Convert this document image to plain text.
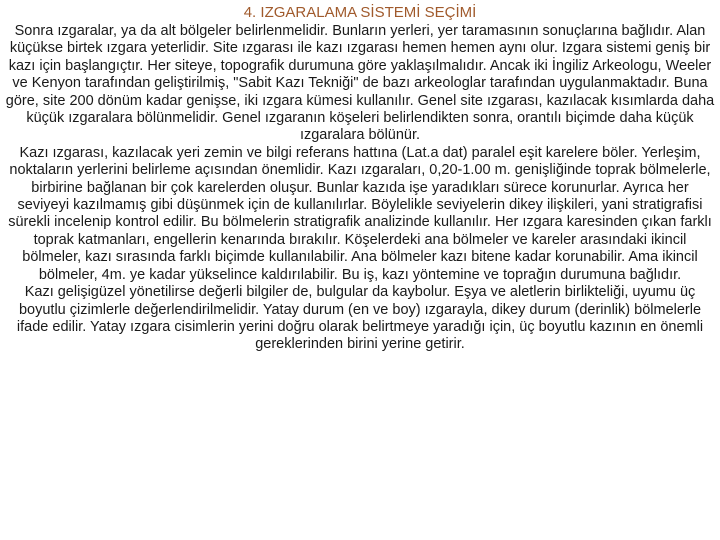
4. IZGARALAMA SİSTEMİ SEÇİMİ

Sonra ızgaralar, ya da alt bölgeler belirlenmelidir. Bunların yerleri, yer taramasının sonuçlarına bağlıdır. Alan küçükse birtek ızgara yeterlidir. Site ızgarası ile kazı ızgarası hemen hemen aynı olur. Izgara sistemi geniş bir kazı için başlangıçtır. Her siteye, topografik durumuna göre yaklaşılmalıdır. Ancak iki İngiliz Arkeologu, Weeler ve Kenyon tarafından geliştirilmiş, "Sabit Kazı Tekniği" de bazı arkeologlar tarafından uygulanmaktadır. Buna göre, site 200 dönüm kadar genişse, iki ızgara kümesi kullanılır. Genel site ızgarası, kazılacak kısımlarda daha küçük ızgaralara bölünmelidir. Genel ızgaranın köşeleri belirlendikten sonra, orantılı biçimde daha küçük ızgaralara bölünür.

Kazı ızgarası, kazılacak yeri zemin ve bilgi referans hattına (Lat.a dat) paralel eşit karelere böler. Yerleşim, noktaların yerlerini belirleme açısından önemlidir. Kazı ızgaraları, 0,20-1.00 m. genişliğinde toprak bölmelerle, birbirine bağlanan bir çok karelerden oluşur. Bunlar kazıda işe yaradıkları sürece korunurlar. Ayrıca her seviyeyi kazılmamış gibi düşünmek için de kullanılırlar. Böylelikle seviyelerin dikey ilişkileri, yani stratigrafisi sürekli incelenip kontrol edilir. Bu bölmelerin stratigrafik analizinde kullanılır. Her ızgara karesinden çıkan farklı toprak katmanları, engellerin kenarında bırakılır. Köşelerdeki ana bölmeler ve kareler arasındaki ikincil bölmeler, kazı sırasında farklı biçimde kullanılabilir. Ana bölmeler kazı bitene kadar korunabilir. Ama ikincil bölmeler, 4m. ye kadar yükselince kaldırılabilir. Bu iş, kazı yöntemine ve toprağın durumuna bağlıdır.

Kazı gelişigüzel yönetilirse değerli bilgiler de, bulgular da kaybolur. Eşya ve aletlerin birlikteliği, uyumu üç boyutlu çizimlerle değerlendirilmelidir. Yatay durum (en ve boy) ızgarayla, dikey durum (derinlik) bölmelerle ifade edilir. Yatay ızgara cisimlerin yerini doğru olarak belirtmeye yaradığı için, üç boyutlu kazının en önemli gereklerinden birini yerine getirir.
